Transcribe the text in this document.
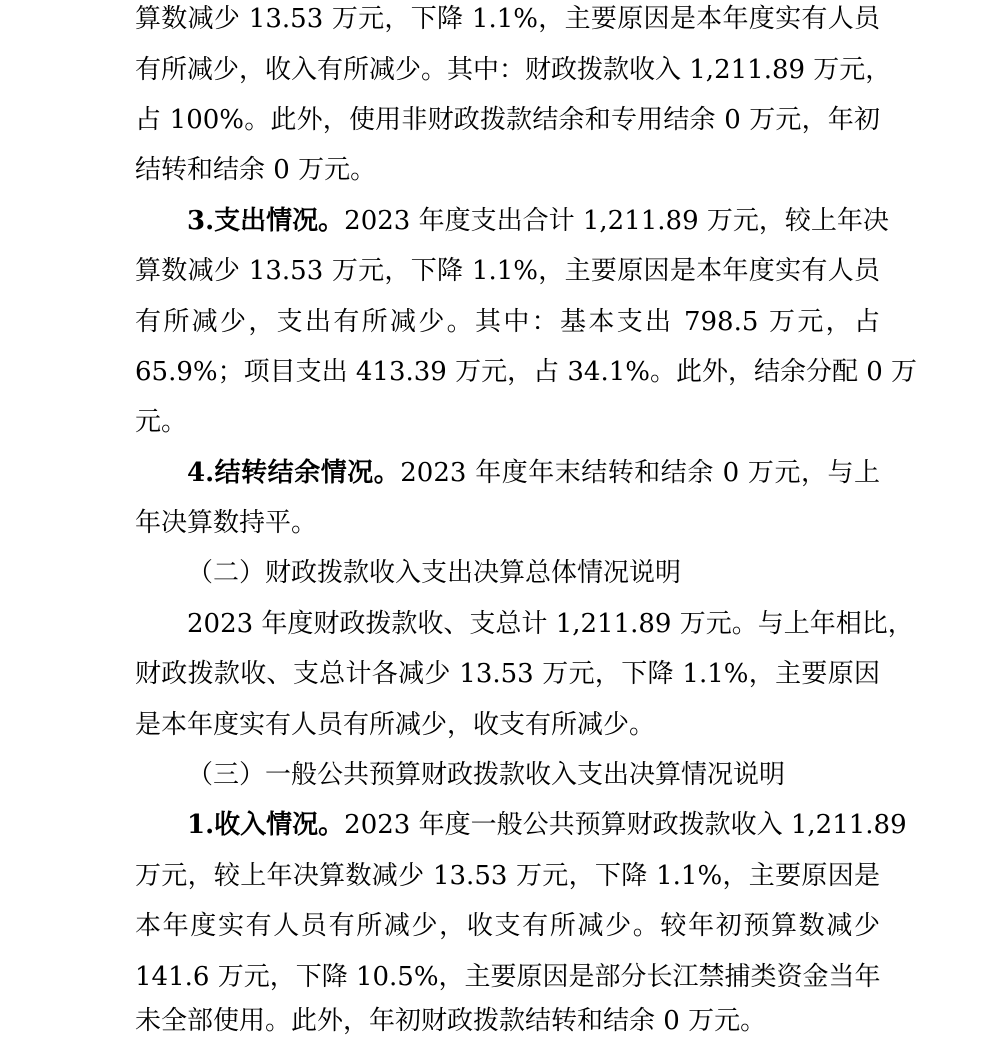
算数减少 13.53 万元，下降 1.1%，主要原因是本年度实有人员
有所减少，收入有所减少。其中：财政拨款收入 1,211.89 万元，
占 100%。此外，使用非财政拨款结余和专用结余 0 万元，年初
结转和结余 0 万元。
3.支出情况。2023 年度支出合计 1,211.89 万元，较上年决
算数减少 13.53 万元，下降 1.1%，主要原因是本年度实有人员
有所减少，支出有所减少。其中：基本支出 798.5 万元，占
65.9%；项目支出 413.39 万元，占 34.1%。此外，结余分配 0 万
元。
4.结转结余情况。2023 年度年末结转和结余 0 万元，与上
年决算数持平。
（二）财政拨款收入支出决算总体情况说明
2023 年度财政拨款收、支总计 1,211.89 万元。与上年相比，
财政拨款收、支总计各减少 13.53 万元，下降 1.1%，主要原因
是本年度实有人员有所减少，收支有所减少。
（三）一般公共预算财政拨款收入支出决算情况说明
1.收入情况。2023 年度一般公共预算财政拨款收入 1,211.89
万元，较上年决算数减少 13.53 万元，下降 1.1%，主要原因是
本年度实有人员有所减少，收支有所减少。较年初预算数减少
141.6 万元，下降 10.5%，主要原因是部分长江禁捕类资金当年
未全部使用。此外，年初财政拨款结转和结余 0 万元。
